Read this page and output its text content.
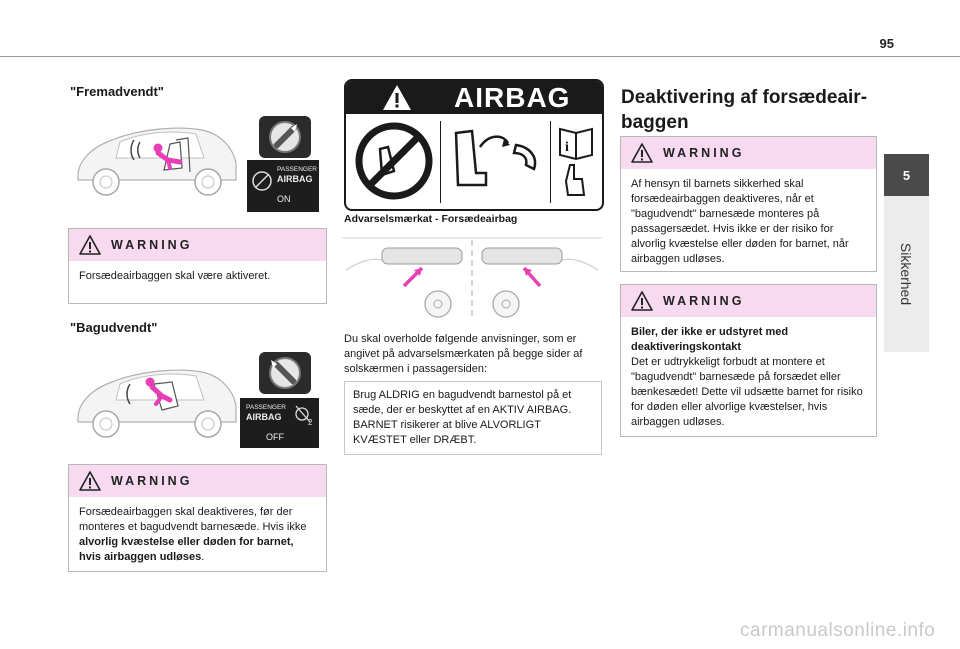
95
5
Sikkerhed
"Fremadvendt"
PASSENGER
AIRBAG
ON
WARNING
Forsædeairbaggen skal være aktiveret.
"Bagudvendt"
PASSENGER
AIRBAG
2
OFF
WARNING
Forsædeairbaggen skal deaktiveres, før der monteres et bagudvendt barnesæde. Hvis ikke alvorlig kvæstelse eller døden for barnet, hvis airbaggen udløses.
AIRBAG
i
Advarselsmærkat - Forsædeairbag
Du skal overholde følgende anvisninger, som er angivet på advarselsmærkaten på begge sider af solskærmen i passagersiden:
Brug ALDRIG en bagudvendt barnestol på et sæde, der er beskyttet af en AKTIV AIRBAG. BARNET risikerer at blive ALVORLIGT KVÆSTET eller DRÆBT.
Deaktivering af forsædeair-
baggen
WARNING
Af hensyn til barnets sikkerhed skal forsædeairbaggen deaktiveres, når et "bagudvendt" barnesæde monteres på passagersædet. Hvis ikke er der risiko for alvorlig kvæstelse eller døden for barnet, når airbaggen udløses.
WARNING
Biler, der ikke er udstyret med deaktiveringskontakt
Det er udtrykkeligt forbudt at montere et "bagudvendt" barnesæde på forsædet eller bænkesædet! Dette vil udsætte barnet for risiko for døden eller alvorlige kvæstelser, hvis airbaggen udløses.
carmanualsonline.info
